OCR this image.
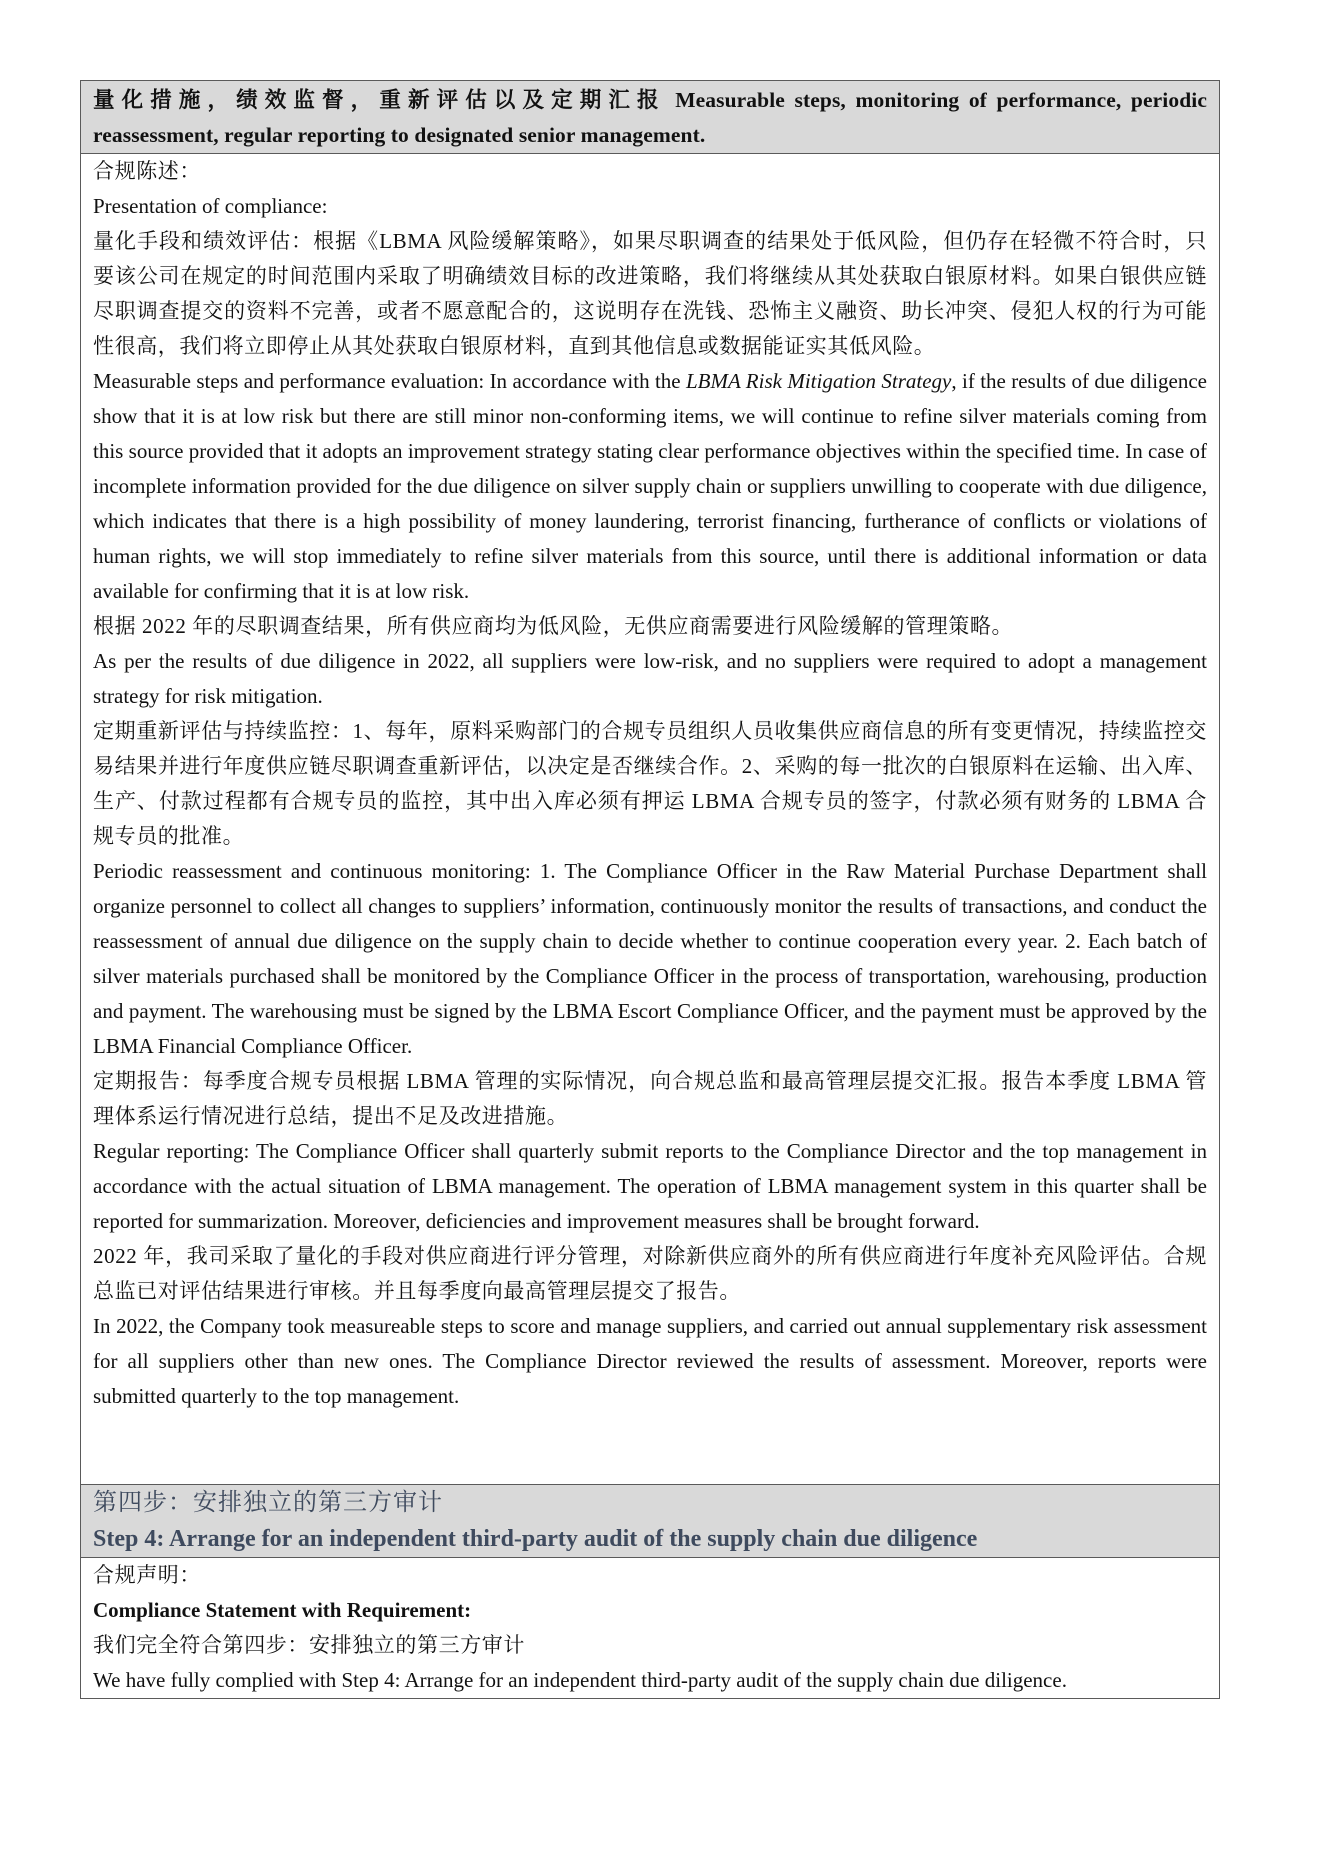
量化措施，绩效监督，重新评估以及定期汇报 Measurable steps, monitoring of performance, periodic reassessment, regular reporting to designated senior management.

合规陈述：

Presentation of compliance:

量化手段和绩效评估：根据《LBMA 风险缓解策略》，如果尽职调查的结果处于低风险，但仍存在轻微不符合时，只要该公司在规定的时间范围内采取了明确绩效目标的改进策略，我们将继续从其处获取白银原材料。如果白银供应链尽职调查提交的资料不完善，或者不愿意配合的，这说明存在洗钱、恐怖主义融资、助长冲突、侵犯人权的行为可能性很高，我们将立即停止从其处获取白银原材料，直到其他信息或数据能证实其低风险。

Measurable steps and performance evaluation: In accordance with the LBMA Risk Mitigation Strategy, if the results of due diligence show that it is at low risk but there are still minor non-conforming items, we will continue to refine silver materials coming from this source provided that it adopts an improvement strategy stating clear performance objectives within the specified time. In case of incomplete information provided for the due diligence on silver supply chain or suppliers unwilling to cooperate with due diligence, which indicates that there is a high possibility of money laundering, terrorist financing, furtherance of conflicts or violations of human rights, we will stop immediately to refine silver materials from this source, until there is additional information or data available for confirming that it is at low risk.

根据 2022 年的尽职调查结果，所有供应商均为低风险，无供应商需要进行风险缓解的管理策略。

As per the results of due diligence in 2022, all suppliers were low-risk, and no suppliers were required to adopt a management strategy for risk mitigation.

定期重新评估与持续监控：1、每年，原料采购部门的合规专员组织人员收集供应商信息的所有变更情况，持续监控交易结果并进行年度供应链尽职调查重新评估，以决定是否继续合作。2、采购的每一批次的白银原料在运输、出入库、生产、付款过程都有合规专员的监控，其中出入库必须有押运 LBMA 合规专员的签字，付款必须有财务的 LBMA 合规专员的批准。

Periodic reassessment and continuous monitoring: 1. The Compliance Officer in the Raw Material Purchase Department shall organize personnel to collect all changes to suppliers’ information, continuously monitor the results of transactions, and conduct the reassessment of annual due diligence on the supply chain to decide whether to continue cooperation every year. 2. Each batch of silver materials purchased shall be monitored by the Compliance Officer in the process of transportation, warehousing, production and payment. The warehousing must be signed by the LBMA Escort Compliance Officer, and the payment must be approved by the LBMA Financial Compliance Officer.

定期报告：每季度合规专员根据 LBMA 管理的实际情况，向合规总监和最高管理层提交汇报。报告本季度 LBMA 管理体系运行情况进行总结，提出不足及改进措施。

Regular reporting: The Compliance Officer shall quarterly submit reports to the Compliance Director and the top management in accordance with the actual situation of LBMA management. The operation of LBMA management system in this quarter shall be reported for summarization. Moreover, deficiencies and improvement measures shall be brought forward.

2022 年，我司采取了量化的手段对供应商进行评分管理，对除新供应商外的所有供应商进行年度补充风险评估。合规总监已对评估结果进行审核。并且每季度向最高管理层提交了报告。

In 2022, the Company took measureable steps to score and manage suppliers, and carried out annual supplementary risk assessment for all suppliers other than new ones. The Compliance Director reviewed the results of assessment. Moreover, reports were submitted quarterly to the top management.

第四步：安排独立的第三方审计
Step 4: Arrange for an independent third-party audit of the supply chain due diligence

合规声明：

Compliance Statement with Requirement:

我们完全符合第四步：安排独立的第三方审计

We have fully complied with Step 4: Arrange for an independent third-party audit of the supply chain due diligence.
